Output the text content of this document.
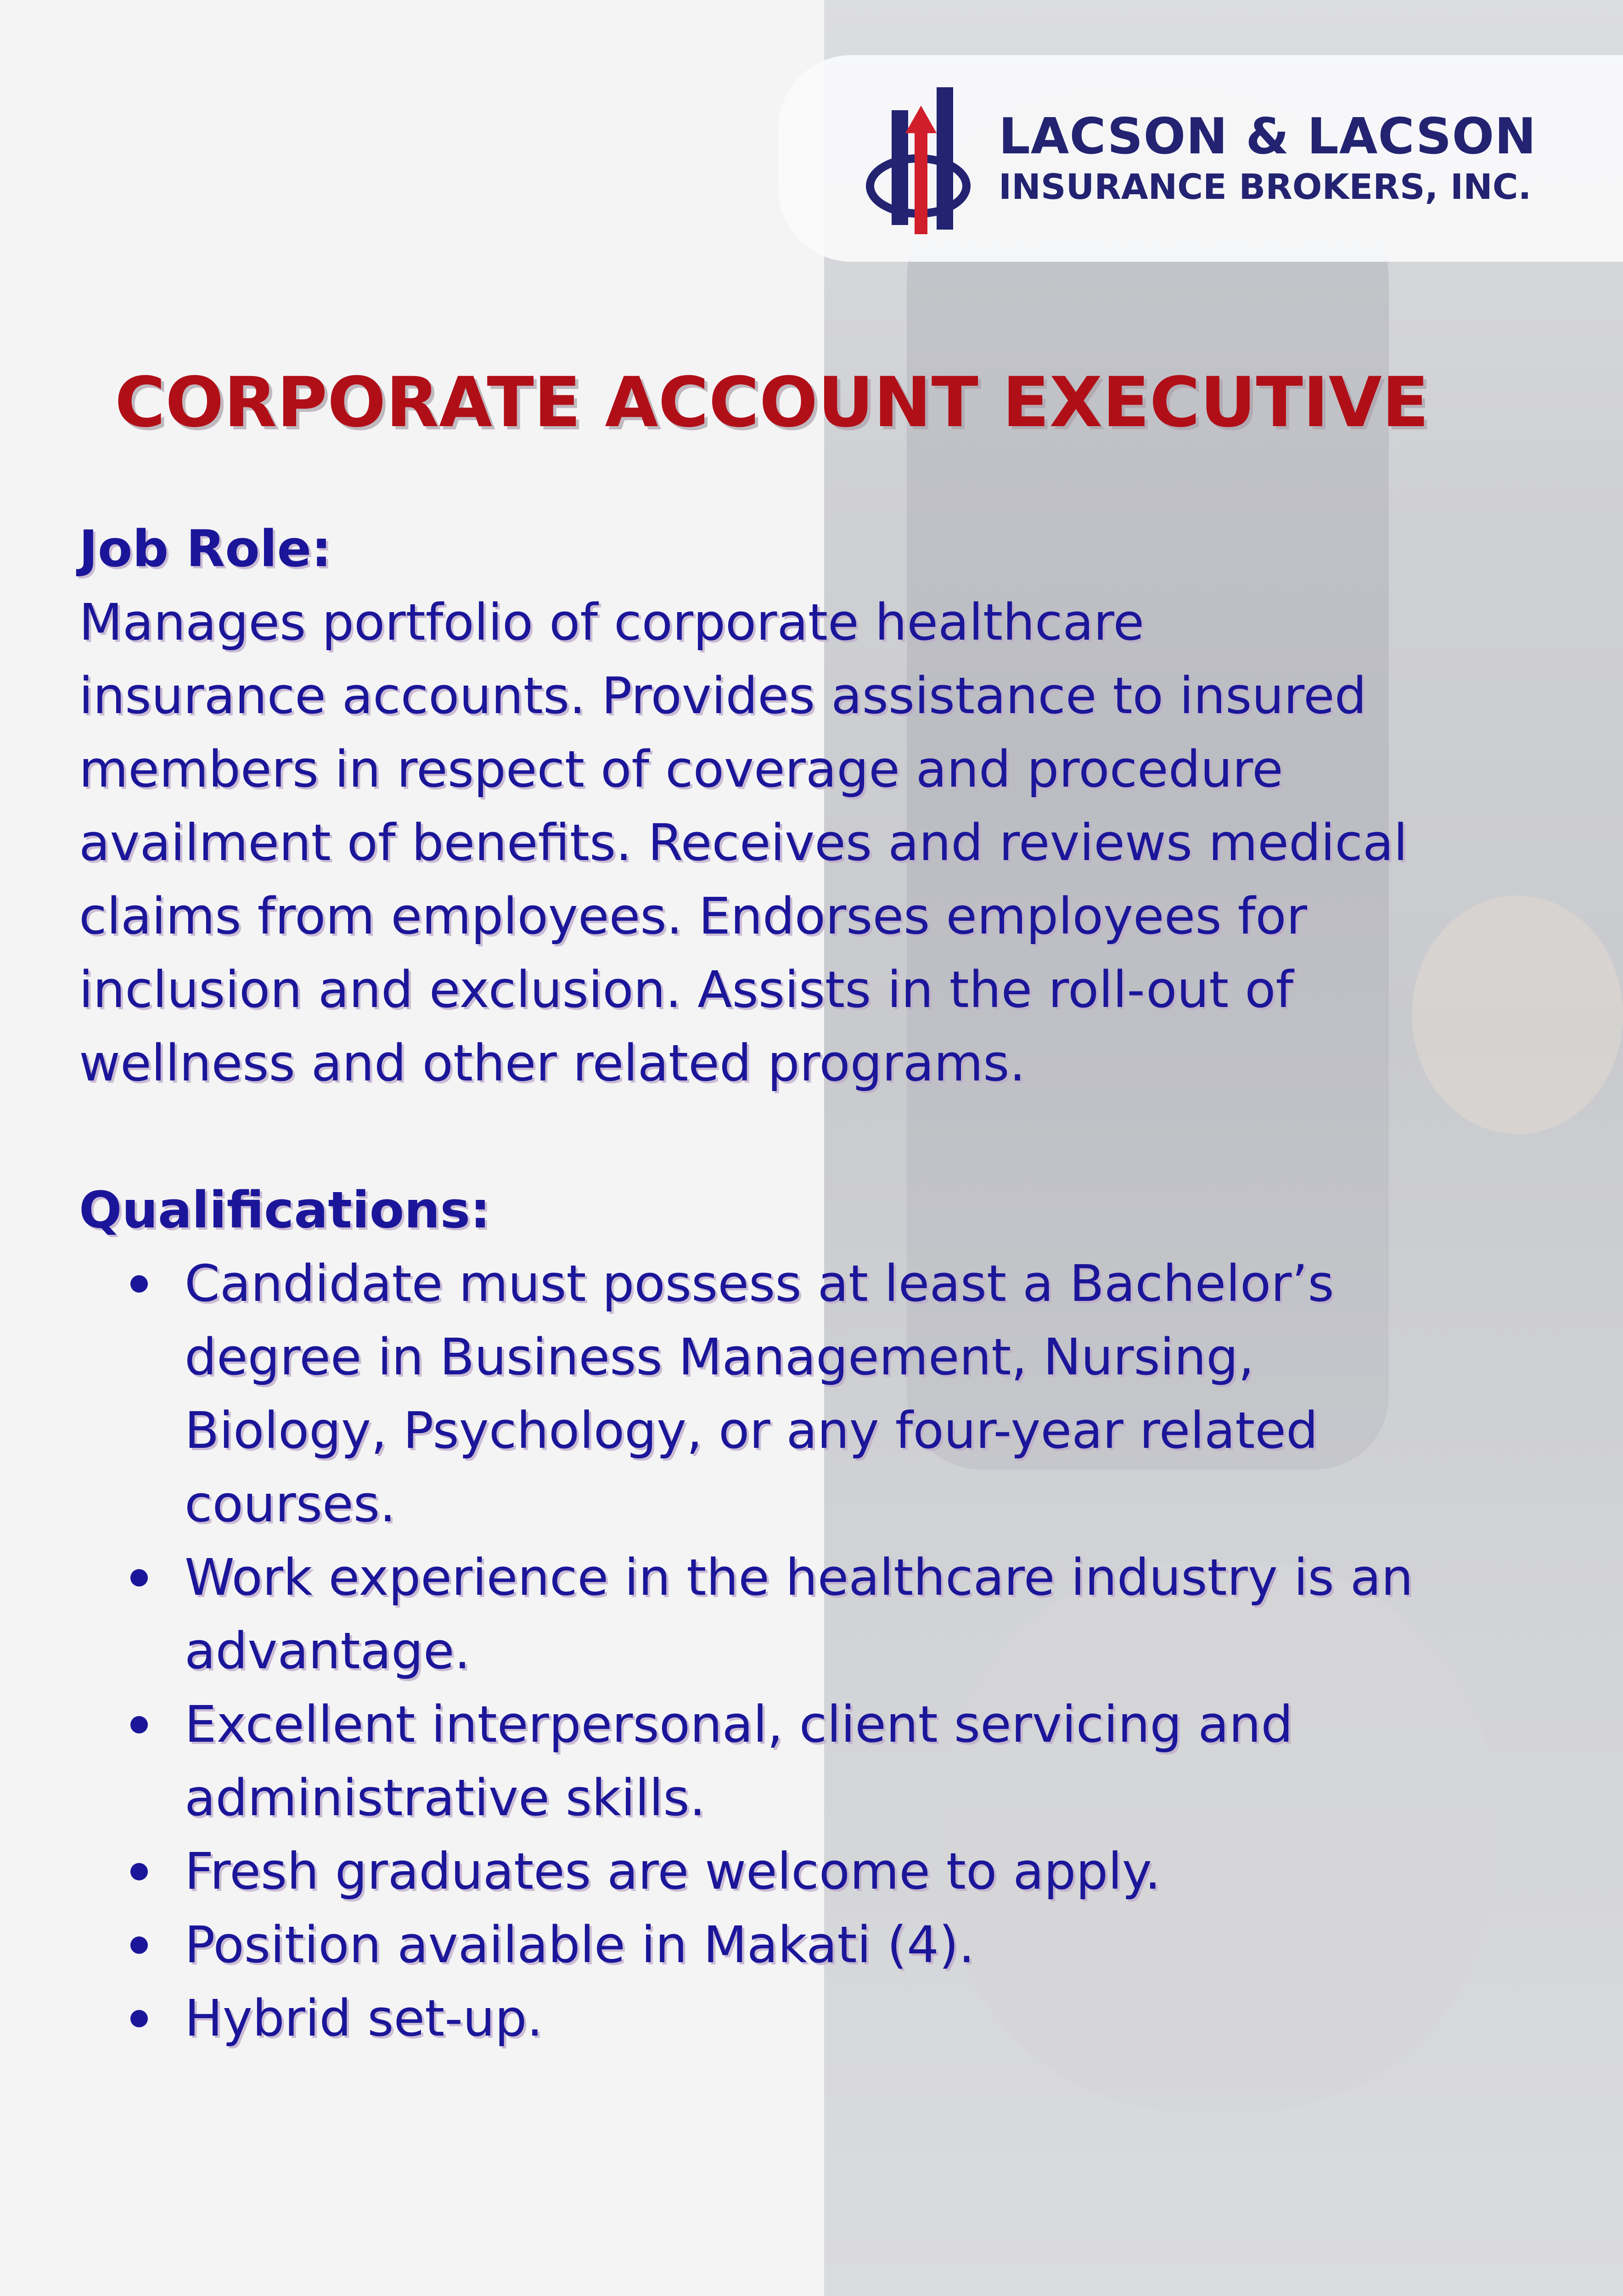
LACSON & LACSON
INSURANCE BROKERS, INC.
CORPORATE ACCOUNT EXECUTIVE

Job Role:

Manages portfolio of corporate healthcare
insurance accounts. Provides assistance to insured
members in respect of coverage and procedure
availment of benefits. Receives and reviews medical
claims from employees. Endorses employees for
inclusion and exclusion. Assists in the roll-out of
wellness and other related programs.

Qualifications:

Candidate must possess at least a Bachelor’s
degree in Business Management, Nursing,
Biology, Psychology, or any four-year related
courses.
Work experience in the healthcare industry is an
advantage.
Excellent interpersonal, client servicing and
administrative skills.
Fresh graduates are welcome to apply.
Position available in Makati (4).
Hybrid set-up.
